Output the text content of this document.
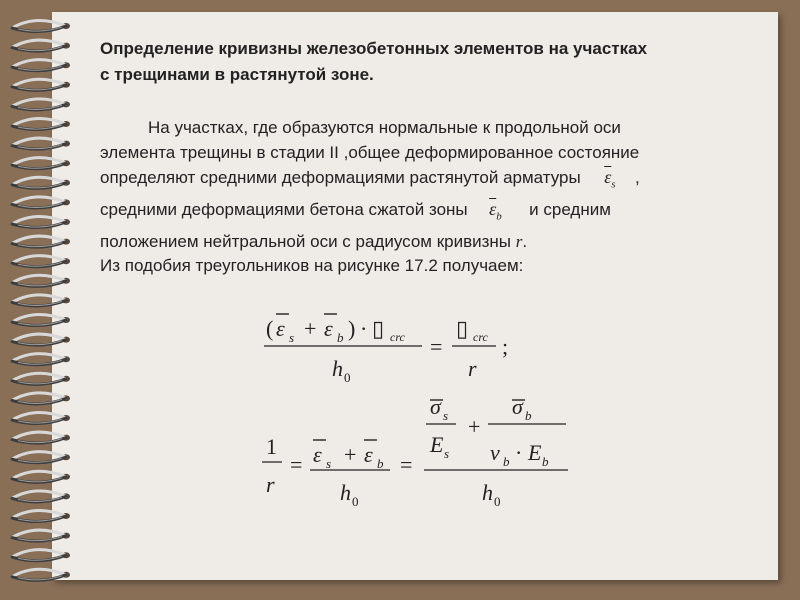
Определение кривизны железобетонных элементов на участках
с трещинами в растянутой зоне.
На участках, где образуются нормальные к продольной оси
элемента трещины в стадии II ,общее деформированное состояние
определяют средними деформациями растянутой арматуры $\overline{\varepsilon}_s$ ,
средними деформациями бетона сжатой зоны $\overline{\varepsilon}_b$ и средним
положением нейтральной оси с радиусом кривизны r.
Из подобия треугольников на рисунке 17.2 получаем:
( ε s + ε b ) · ▯ crc
h 0
=
▯ crc
r
;
1
r
= ε s + ε b
h 0
=
σ s
E s
+
σ b
ν b · E b
h 0
